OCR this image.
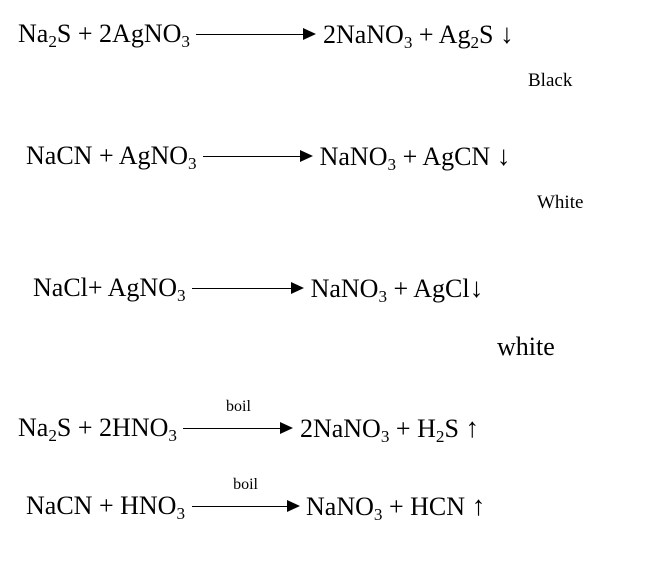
$Na_2S$ + 2AgNO$_3$	2NaNO$_3$ + $Ag_2S$ ↓
Black
NaCN + AgNO$_3$	NaNO$_3$ + AgCN ↓
White
NaCl+ AgNO$_3$	NaNO$_3$ + AgCl↓
white
$Na_2S + 2HNO_3$
boil
2NaNO$_3$ + $H_2S$ ↑
NaCN + $HNO_3$
boil
NaNO$_3$ + HCN ↑
